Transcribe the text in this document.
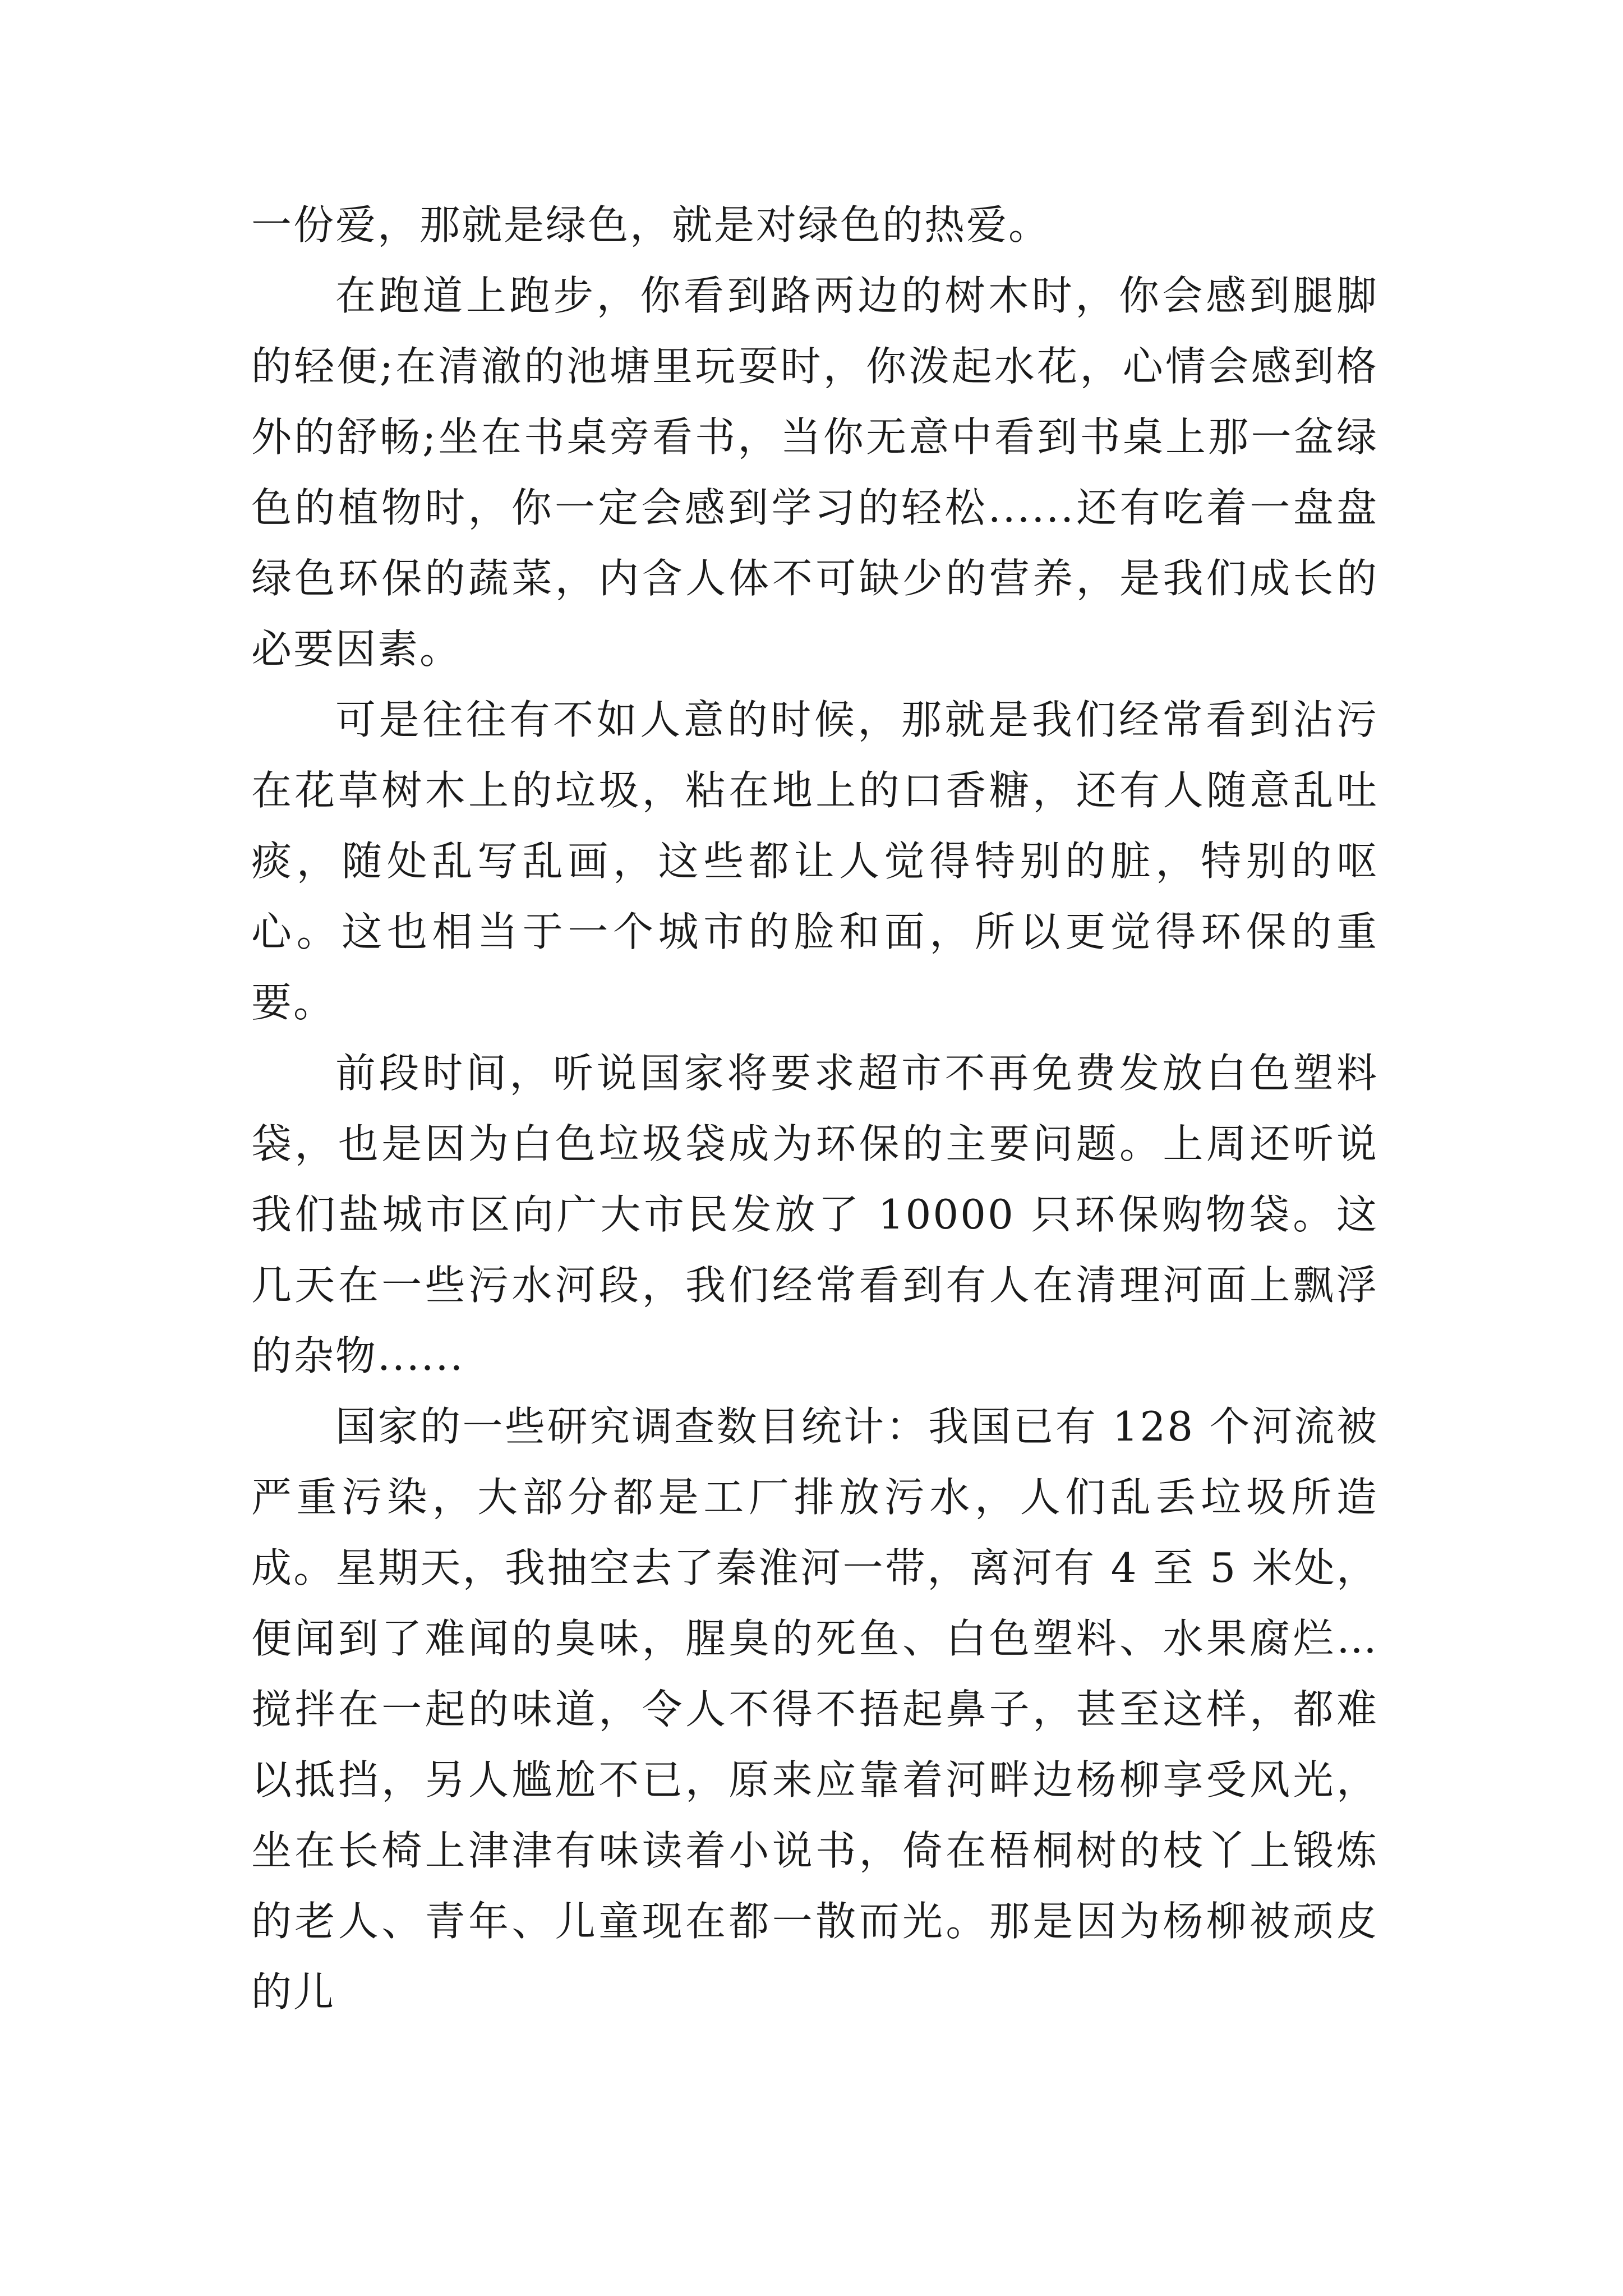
一份爱，那就是绿色，就是对绿色的热爱。

在跑道上跑步，你看到路两边的树木时，你会感到腿脚的轻便;在清澈的池塘里玩耍时，你泼起水花，心情会感到格外的舒畅;坐在书桌旁看书，当你无意中看到书桌上那一盆绿色的植物时，你一定会感到学习的轻松......还有吃着一盘盘绿色环保的蔬菜，内含人体不可缺少的营养，是我们成长的必要因素。

可是往往有不如人意的时候，那就是我们经常看到沾污在花草树木上的垃圾，粘在地上的口香糖，还有人随意乱吐痰，随处乱写乱画，这些都让人觉得特别的脏，特别的呕心。这也相当于一个城市的脸和面，所以更觉得环保的重要。

前段时间，听说国家将要求超市不再免费发放白色塑料袋，也是因为白色垃圾袋成为环保的主要问题。上周还听说我们盐城市区向广大市民发放了 10000 只环保购物袋。这几天在一些污水河段，我们经常看到有人在清理河面上飘浮的杂物......

国家的一些研究调查数目统计：我国已有 128 个河流被严重污染，大部分都是工厂排放污水，人们乱丢垃圾所造成。星期天，我抽空去了秦淮河一带，离河有 4 至 5 米处，便闻到了难闻的臭味，腥臭的死鱼、白色塑料、水果腐烂…搅拌在一起的味道，令人不得不捂起鼻子，甚至这样，都难以抵挡，另人尴尬不已，原来应靠着河畔边杨柳享受风光，坐在长椅上津津有味读着小说书，倚在梧桐树的枝丫上锻炼的老人、青年、儿童现在都一散而光。那是因为杨柳被顽皮的儿
